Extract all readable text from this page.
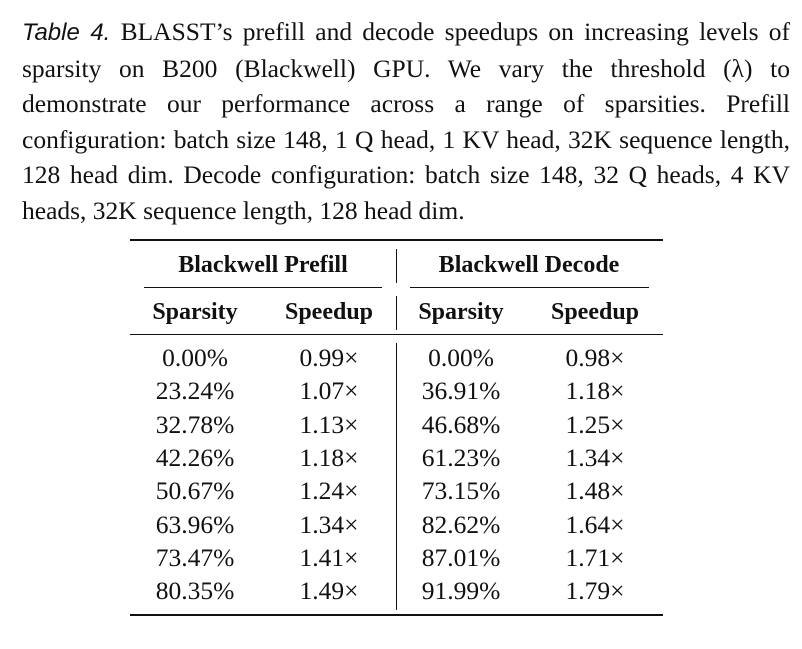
Table 4. BLASST’s prefill and decode speedups on increasing levels of sparsity on B200 (Blackwell) GPU. We vary the threshold (λ) to demonstrate our performance across a range of sparsities. Prefill configuration: batch size 148, 1 Q head, 1 KV head, 32K sequence length, 128 head dim. Decode configuration: batch size 148, 32 Q heads, 4 KV heads, 32K sequence length, 128 head dim.

Blackwell Prefill	Blackwell Decode
Sparsity Speedup Sparsity Speedup
0.00%	0.99×	0.00%	0.98×
23.24%	1.07× 36.91%	1.18×
32.78%	1.13× 46.68%	1.25×
42.26%	1.18× 61.23%	1.34×
50.67%	1.24× 73.15%	1.48×
63.96%	1.34× 82.62%	1.64×
73.47%	1.41× 87.01%	1.71×
80.35%	1.49× 91.99%	1.79×
